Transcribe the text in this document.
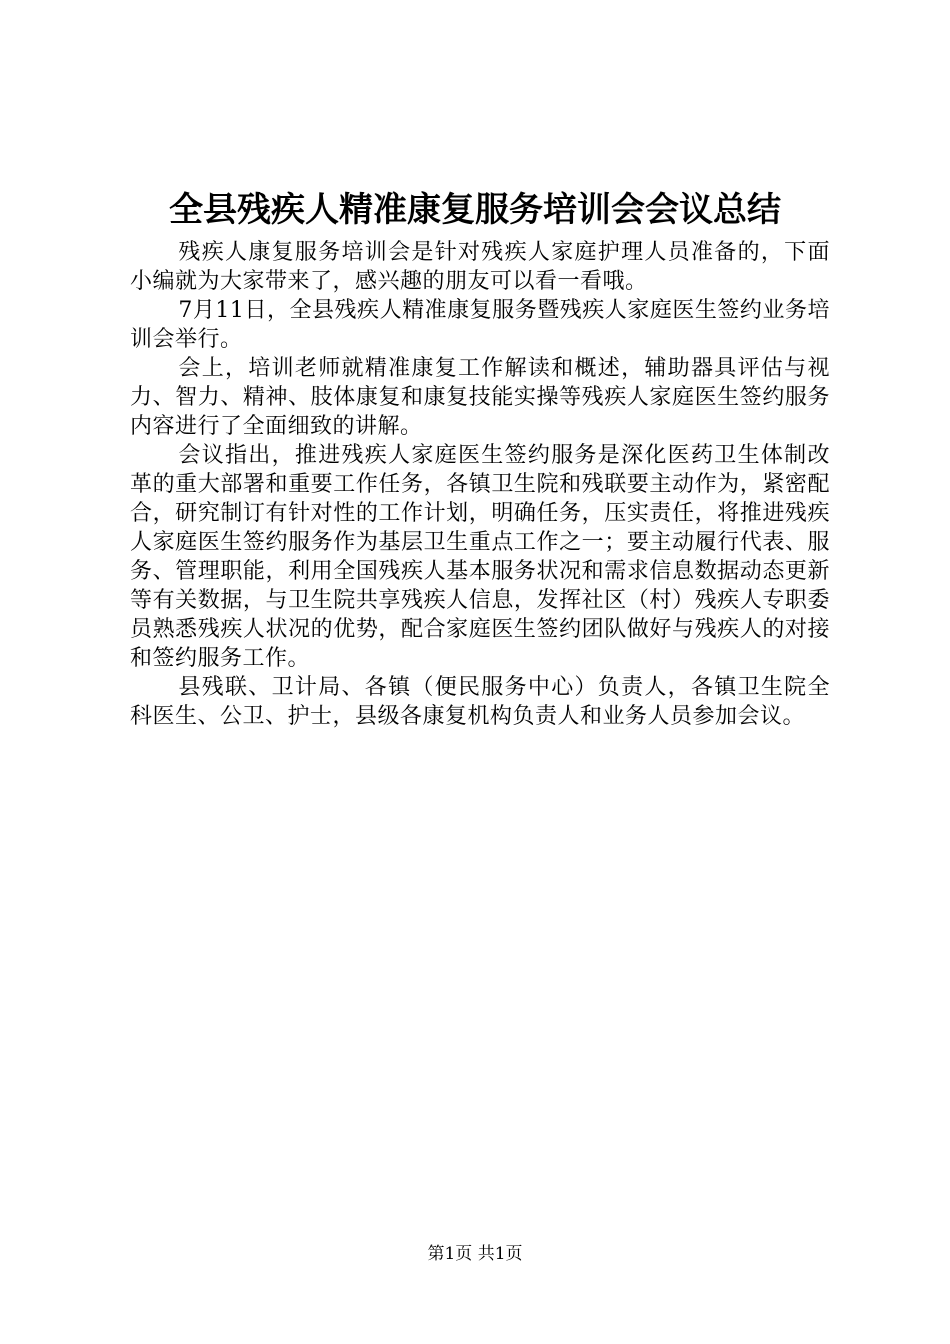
全县残疾人精准康复服务培训会会议总结

残疾人康复服务培训会是针对残疾人家庭护理人员准备的，下面小编就为大家带来了，感兴趣的朋友可以看一看哦。

7月11日，全县残疾人精准康复服务暨残疾人家庭医生签约业务培训会举行。

会上，培训老师就精准康复工作解读和概述，辅助器具评估与视力、智力、精神、肢体康复和康复技能实操等残疾人家庭医生签约服务内容进行了全面细致的讲解。

会议指出，推进残疾人家庭医生签约服务是深化医药卫生体制改革的重大部署和重要工作任务，各镇卫生院和残联要主动作为，紧密配合，研究制订有针对性的工作计划，明确任务，压实责任，将推进残疾人家庭医生签约服务作为基层卫生重点工作之一；要主动履行代表、服务、管理职能，利用全国残疾人基本服务状况和需求信息数据动态更新等有关数据，与卫生院共享残疾人信息，发挥社区（村）残疾人专职委员熟悉残疾人状况的优势，配合家庭医生签约团队做好与残疾人的对接和签约服务工作。

县残联、卫计局、各镇（便民服务中心）负责人，各镇卫生院全科医生、公卫、护士，县级各康复机构负责人和业务人员参加会议。

第1页 共1页
